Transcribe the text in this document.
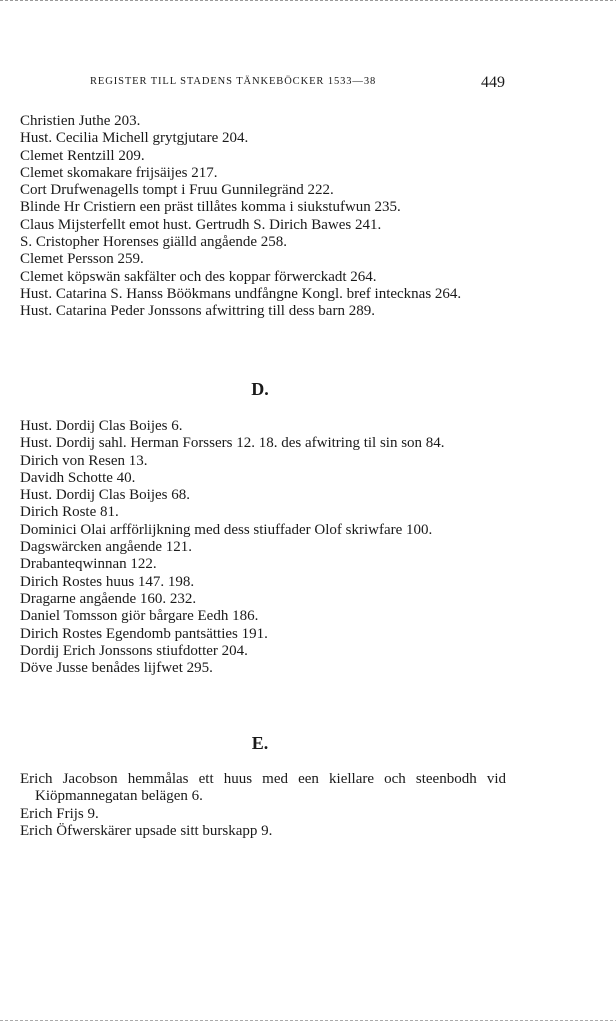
REGISTER TILL STADENS TÄNKEBÖCKER 1533—38	449
Christien Juthe 203.
Hust. Cecilia Michell grytgjutare 204.
Clemet Rentzill 209.
Clemet skomakare frijsäijes 217.
Cort Drufwenagells tompt i Fruu Gunnilegränd 222.
Blinde Hr Cristiern een präst tillåtes komma i siukstufwun 235.
Claus Mijsterfellt emot hust. Gertrudh S. Dirich Bawes 241.
S. Cristopher Horenses giälld angående 258.
Clemet Persson 259.
Clemet köpswän sakfälter och des koppar förwerckadt 264.
Hust. Catarina S. Hanss Böökmans undfångne Kongl. bref intecknas 264.
Hust. Catarina Peder Jonssons afwittring till dess barn 289.
D.
Hust. Dordij Clas Boijes 6.
Hust. Dordij sahl. Herman Forssers 12. 18. des afwitring til sin son 84.
Dirich von Resen 13.
Davidh Schotte 40.
Hust. Dordij Clas Boijes 68.
Dirich Roste 81.
Dominici Olai arfförlijkning med dess stiuffader Olof skriwfare 100.
Dagswärcken angående 121.
Drabanteqwinnan 122.
Dirich Rostes huus 147. 198.
Dragarne angående 160. 232.
Daniel Tomsson giör bårgare Eedh 186.
Dirich Rostes Egendomb pantsätties 191.
Dordij Erich Jonssons stiufdotter 204.
Döve Jusse benådes lijfwet 295.
E.
Erich Jacobson hemmålas ett huus med een kiellare och steenbodh vid Kiöpmannegatan belägen 6.
Erich Frijs 9.
Erich Öfwerskärer upsade sitt burskapp 9.
